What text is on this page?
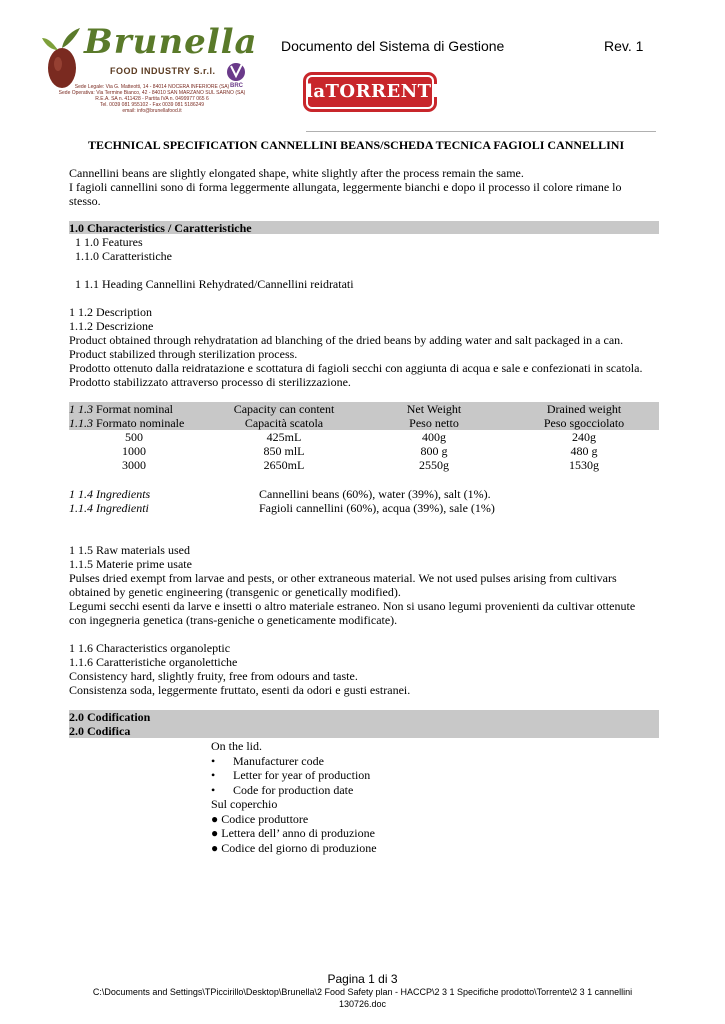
Brunella
FOOD INDUSTRY S.r.l.
BRC
Sede Legale: Via G. Matteotti, 14 - 84014 NOCERA INFERIORE (SA)
Sede Operativa: Via Termine Bianco, 42 - 84010 SAN MARZANO SUL SARNO (SA)
R.E.A. SA n. 411428 - Partita IVA n. 0499977 065 6
Tel. 0039 081 955102 - Fax 0039 081 5186249
email: info@brunellafood.it
Documento del Sistema di Gestione	Rev. 1
laTORRENTE
TECHNICAL SPECIFICATION CANNELLINI BEANS/SCHEDA TECNICA FAGIOLI CANNELLINI
Cannellini beans are slightly elongated shape, white slightly after the process remain the same.
I fagioli cannellini sono di forma leggermente allungata, leggermente bianchi e dopo il processo il colore rimane lo
stesso.
1.0 Characteristics / Caratteristiche
1 1.0 Features
1.1.0 Caratteristiche
1 1.1 Heading Cannellini Rehydrated/Cannellini reidratati
1 1.2 Description
1.1.2 Descrizione
Product obtained through rehydratation ad blanching of the dried beans by adding water and salt packaged in a can.
Product stabilized through sterilization process.
Prodotto ottenuto dalla reidratazione e scottatura di fagioli secchi con aggiunta di acqua e sale e confezionati in scatola.
Prodotto stabilizzato attraverso processo di sterilizzazione.
1 1.3 Format nominal	Capacity can content	Net Weight	Drained weight
1.1.3 Formato nominale	Capacità scatola	Peso netto	Peso sgocciolato
500	425mL	400g	240g
1000	850 mlL	800 g	480 g
3000	2650mL	2550g	1530g
1 1.4 Ingredients	Cannellini beans (60%), water (39%), salt (1%).
1.1.4 Ingredienti	Fagioli cannellini (60%), acqua (39%), sale (1%)
1 1.5 Raw materials used
1.1.5 Materie prime usate
Pulses dried exempt from larvae and pests, or other extraneous material. We not used pulses arising from cultivars
obtained by genetic engineering (transgenic or genetically modified).
Legumi secchi esenti da larve e insetti o altro materiale estraneo. Non si usano legumi provenienti da cultivar ottenute
con ingegneria genetica (trans-geniche o geneticamente modificate).
1 1.6 Characteristics organoleptic
1.1.6 Caratteristiche organolettiche
Consistency hard, slightly fruity, free from odours and taste.
Consistenza soda, leggermente fruttato, esenti da odori e gusti estranei.
2.0 Codification
2.0 Codifica
On the lid.
• Manufacturer code
• Letter for year of production
• Code for production date
Sul coperchio
● Codice produttore
● Lettera dell’ anno di produzione
● Codice del giorno di produzione
Pagina 1 di 3
C:\Documents and Settings\TPiccirillo\Desktop\Brunella\2 Food Safety plan - HACCP\2 3 1 Specifiche prodotto\Torrente\2 3 1 cannellini
130726.doc
